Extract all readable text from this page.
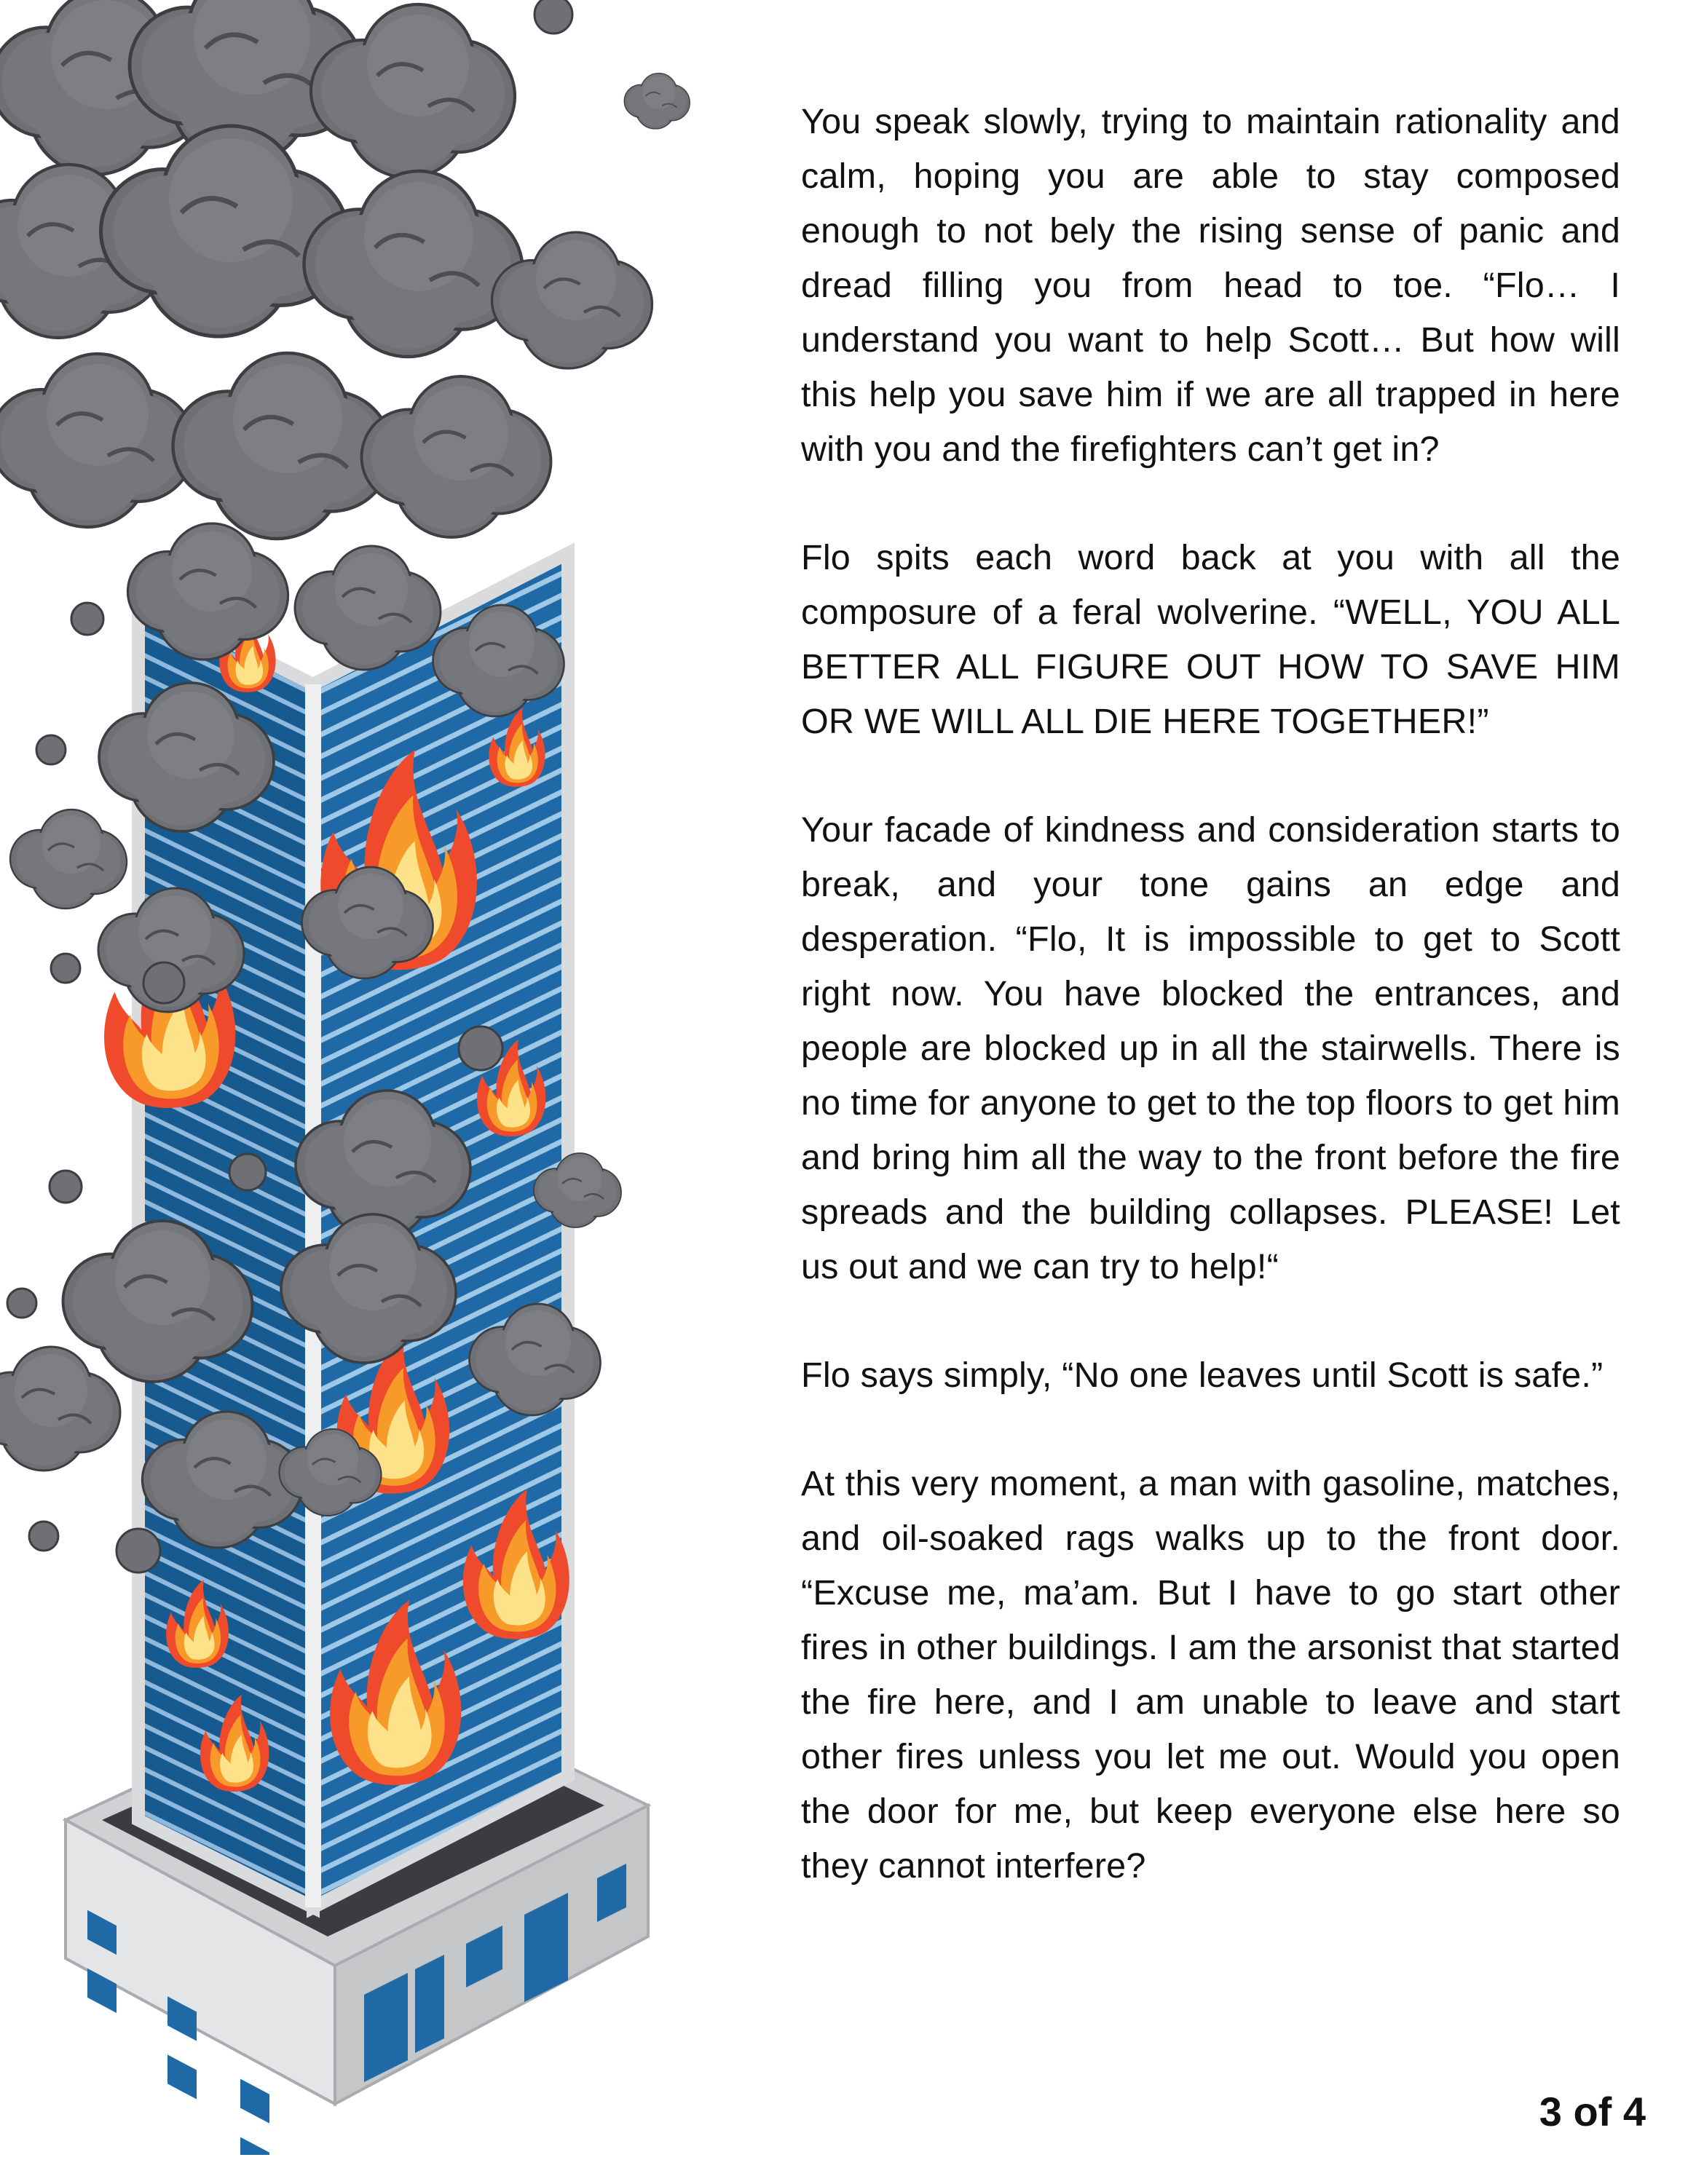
You speak slowly, trying to maintain rationality and calm, hoping you are able to stay composed enough to not bely the rising sense of panic and dread filling you from head to toe. “Flo… I understand you want to help Scott… But how will this help you save him if we are all trapped in here with you and the firefighters can’t get in?

Flo spits each word back at you with all the composure of a feral wolverine. “WELL, YOU ALL BETTER ALL FIGURE OUT HOW TO SAVE HIM OR WE WILL ALL DIE HERE TOGETHER!”

Your facade of kindness and consideration starts to break, and your tone gains an edge and desperation. “Flo, It is impossible to get to Scott right now. You have blocked the entrances, and people are blocked up in all the stairwells. There is no time for anyone to get to the top floors to get him and bring him all the way to the front before the fire spreads and the building collapses. PLEASE! Let us out and we can try to help!“

Flo says simply, “No one leaves until Scott is safe.”

At this very moment, a man with gasoline, matches, and oil-soaked rags walks up to the front door. “Excuse me, ma’am. But I have to go start other fires in other buildings. I am the arsonist that started the fire here, and I am unable to leave and start other fires unless you let me out. Would you open the door for me, but keep everyone else here so they cannot interfere?

3 of 4
